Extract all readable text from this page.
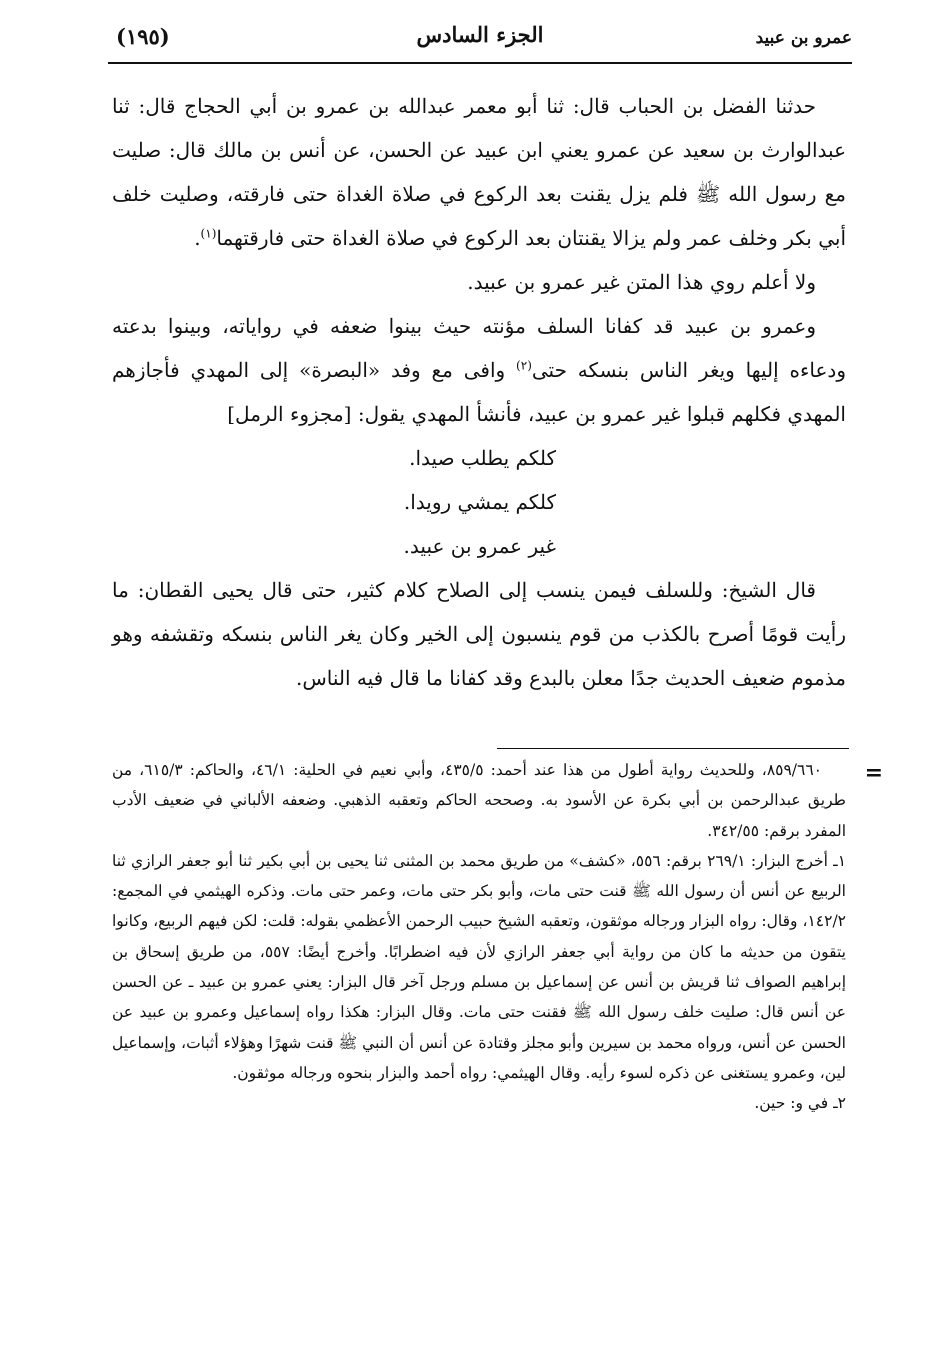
(١٩٥)	الجزء السادس	عمرو بن عبيد

حدثنا الفضل بن الحباب قال: ثنا أبو معمر عبدالله بن عمرو بن أبي الحجاج قال: ثنا عبدالوارث بن سعيد عن عمرو يعني ابن عبيد عن الحسن، عن أنس بن مالك قال: صليت مع رسول الله ﷺ فلم يزل يقنت بعد الركوع في صلاة الغداة حتى فارقته، وصليت خلف أبي بكر وخلف عمر ولم يزالا يقنتان بعد الركوع في صلاة الغداة حتى فارقتهما$^{(١)}$.

ولا أعلم روي هذا المتن غير عمرو بن عبيد.

وعمرو بن عبيد قد كفانا السلف مؤنته حيث بينوا ضعفه في رواياته، وبينوا بدعته ودعاءه إليها ويغر الناس بنسكه حتى$^{(٢)}$ وافى مع وفد «البصرة» إلى المهدي فأجازهم المهدي فكلهم قبلوا غير عمرو بن عبيد، فأنشأ المهدي يقول: [مجزوء الرمل]

كلكم يطلب صيدا.

كلكم يمشي رويدا.

غير عمرو بن عبيد.

قال الشيخ: وللسلف فيمن ينسب إلى الصلاح كلام كثير، حتى قال يحيى القطان: ما رأيت قومًا أصرح بالكذب من قوم ينسبون إلى الخير وكان يغر الناس بنسكه وتقشفه وهو مذموم ضعيف الحديث جدًا معلن بالبدع وقد كفانا ما قال فيه الناس.

=

٨٥٩/٦٦٠، وللحديث رواية أطول من هذا عند أحمد: ٤٣٥/٥، وأبي نعيم في الحلية: ٤٦/١، والحاكم: ٦١٥/٣، من طريق عبدالرحمن بن أبي بكرة عن الأسود به. وصححه الحاكم وتعقبه الذهبي. وضعفه الألباني في ضعيف الأدب المفرد برقم: ٣٤٢/٥٥.

١ـ أخرج البزار: ٢٦٩/١ برقم: ٥٥٦، «كشف» من طريق محمد بن المثنى ثنا يحيى بن أبي بكير ثنا أبو جعفر الرازي ثنا الربيع عن أنس أن رسول الله ﷺ قنت حتى مات، وأبو بكر حتى مات، وعمر حتى مات. وذكره الهيثمي في المجمع: ١٤٢/٢، وقال: رواه البزار ورجاله موثقون، وتعقبه الشيخ حبيب الرحمن الأعظمي بقوله: قلت: لكن فيهم الربيع، وكانوا يتقون من حديثه ما كان من رواية أبي جعفر الرازي لأن فيه اضطرابًا. وأخرج أيضًا: ٥٥٧، من طريق إسحاق بن إبراهيم الصواف ثنا قريش بن أنس عن إسماعيل بن مسلم ورجل آخر قال البزار: يعني عمرو بن عبيد ـ عن الحسن عن أنس قال: صليت خلف رسول الله ﷺ فقنت حتى مات. وقال البزار: هكذا رواه إسماعيل وعمرو بن عبيد عن الحسن عن أنس، ورواه محمد بن سيرين وأبو مجلز وقتادة عن أنس أن النبي ﷺ قنت شهرًا وهؤلاء أثبات، وإسماعيل لين، وعمرو يستغنى عن ذكره لسوء رأيه. وقال الهيثمي: رواه أحمد والبزار بنحوه ورجاله موثقون.

٢ـ في و: حين.
